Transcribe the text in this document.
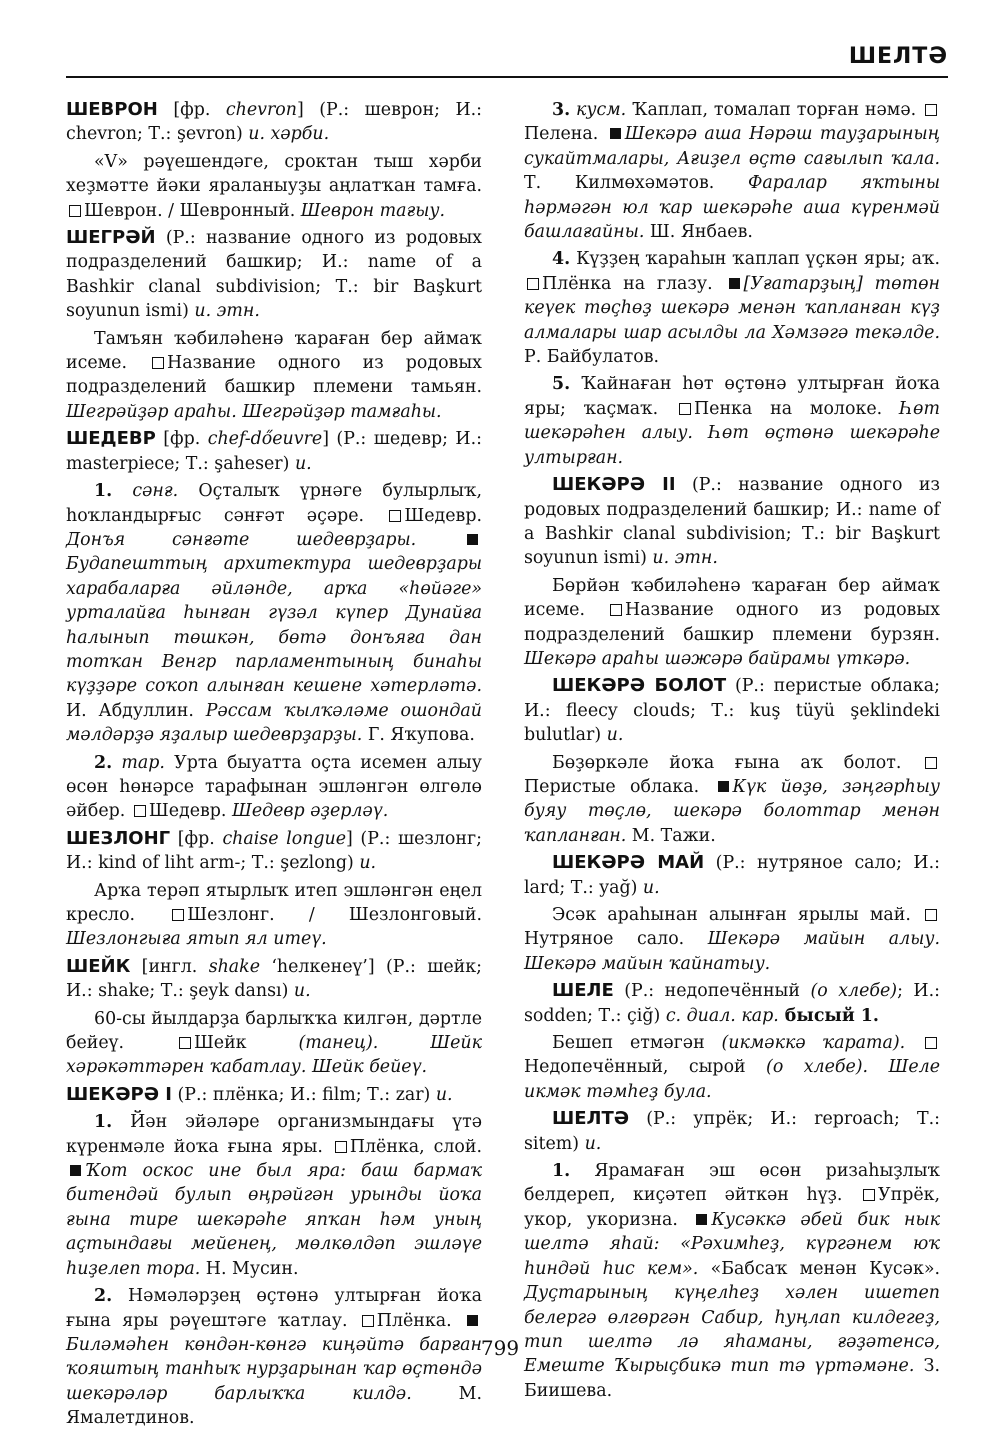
ШЕЛТӘ

ШЕВРОН [фр. chevron] (Р.: шеврон; И.: chevron; Т.: şevron) и. хәрби.

«V» рәүешендәге, сроктан тыш хәрби хеҙмәтте йәки яраланыуҙы аңлатҡан тамға. Шеврон. / Шевронный. Шеврон тағыу.

ШЕГРӘЙ (Р.: название одного из родовых подразделений башкир; И.: name of a Bashkir clanal subdivision; Т.: bir Başkurt soyunun ismi) и. этн.

Тамъян ҡәбиләһенә ҡараған бер аймаҡ исеме. Название одного из родовых подразделений башкир племени тамьян. Шегрәйҙәр араһы. Шегрәйҙәр тамғаһы.

ШЕДЕВР [фр. chef-dőeuvre] (Р.: шедевр; И.: masterpiece; Т.: şaheser) и.

1. сәнғ. Оҫталыҡ үрнәге булырлыҡ, һоҡландырғыс сәнғәт әҫәре. Шедевр. Донъя сәнғәте шедеврҙары. Будапешттың архитектура шедеврҙары харабаларға әйләнде, арҡа «һөйәге» урталайға һынған гүзәл күпер Дунайға һалынып төшкән, бөтә донъяға дан тотҡан Венгр парламентының бинаһы күҙҙәре соҡоп алынған кешене хәтерләтә. И. Абдуллин. Рәссам ҡылҡәләме ошондай мәлдәрҙә яҙалыр шедеврҙарҙы. Г. Яҡупова.

2. тар. Урта быуатта оҫта исемен алыу өсөн һөнәрсе тарафынан эшләнгән өлгөлө әйбер. Шедевр. Шедевр әҙерләү.

ШЕЗЛОНГ [фр. chaise longue] (Р.: шезлонг; И.: kind of liht arm-; Т.: şezlong) и.

Арҡа терәп ятырлыҡ итеп эшләнгән еңел кресло.	Шезлонг. / Шезлонговый. Шезлонгыға ятып ял итеү.

ШЕЙК [ингл. shake ‘һелкенеү’] (Р.: шейк; И.: shake; Т.: şeyk dansı) и.

60-сы йылдарҙа барлыҡҡа килгән, дәртле бейеү.	Шейк (танец).	Шейк хәрәкәттәрен ҡабатлау. Шейк бейеү.

ШЕКӘРӘ I (Р.: плёнка; И.: film; Т.: zar) и.

1. Йән эйәләре организмындағы үтә күренмәле йоҡа ғына яры. Плёнка, слой. Ҡот оскос ине был яра: баш бармаҡ битендәй булып өңрәйгән урынды йоҡа ғына тире шекәрәһе япҡан һәм уның аҫтындағы мейенең, мөлкөлдәп эшләүе һиҙелеп тора. Н. Мусин.

2. Нәмәләрҙең өҫтөнә ултырған йоҡа ғына яры рәүештәге ҡатлау. Плёнка. Биләмәһен көндән-көнгә киңәйтә барған ҡояштың танһыҡ нурҙарынан ҡар өҫтөндә шекәрәләр барлыҡҡа килдә. М. Ямалетдинов.

3. кусм. Ҡаплап, томалап торған нәмә. Пелена. Шекәрә аша Нәрәш тауҙарының сукайтмалары, Ағиҙел өҫтө сағылып ҡала. Т. Килмөхәмәтов. Фаралар яҡтыны һәрмәгән юл ҡар шекәрәһе аша күренмәй башлағайны. Ш. Янбаев.

4. Күҙҙең ҡараһын ҡаплап үҫкән яры; аҡ. Плёнка на глазу. [Уғатарҙың] төтөн кеүек төҫһөҙ шекәрә менән ҡапланған күҙ алмалары шар асылды ла Хәмзәгә текәлде. Р. Байбулатов.

5. Ҡайнаған һөт өҫтөнә ултырған йоҡа яры; ҡаҫмаҡ. Пенка на молоке. Һөт шекәрәһен алыу. Һөт өҫтөнә шекәрәһе ултырған.

ШЕКӘРӘ II (Р.: название одного из родовых подразделений башкир; И.: name of a Bashkir clanal subdivision; Т.: bir Başkurt soyunun ismi) и. этн.

Бөрйән ҡәбиләһенә ҡараған бер аймаҡ исеме. Название одного из родовых подразделений башкир племени бурзян. Шекәрә араһы шәжәрә байрамы үткәрә.

ШЕКӘРӘ БОЛОТ (Р.: перистые облака; И.: fleecy clouds; Т.: kuş tüyü şeklindeki bulutlar) и.

Бөҙөркәле йоҡа ғына аҡ болот. Перистые облака. Күк йөҙө, зәңгәрһыу буяу төҫлө, шекәрә болоттар менән ҡапланған. М. Тажи.

ШЕКӘРӘ МАЙ (Р.: нутряное сало; И.: lard; Т.: yağ) и.

Эсәк араһынан алынған ярылы май. Нутряное сало. Шекәрә майын алыу. Шекәрә майын ҡайнатыу.

ШЕЛЕ (Р.: недопечённый (о хлебе); И.: sodden; Т.: çiğ) с. диал. кар. бысый 1.

Бешеп етмәгән (икмәккә ҡарата). Недопечённый, сырой (о хлебе). Шеле икмәк тәмһеҙ була.

ШЕЛТӘ (Р.: упрёк; И.: reproach; Т.: sitem) и.

1. Ярамаған эш өсөн ризаһыҙлыҡ белдереп, киҫәтеп әйткән һүҙ. Упрёк, укор, укоризна. Кусәккә әбей бик нык шелтә яһай: «Рәхимһеҙ, күргәнем юҡ һиндәй һис кем». «Бабсаҡ менән Кусәк». Дуҫтарының күңелһеҙ хәлен ишетеп белергә өлгөргән Сабир, һуңлап килдегеҙ, тип шелтә лә яһаманы, ғәҙәтенсә, Емеште Ҡырыҫбикә тип тә үртәмәне. З. Биишева.

799
